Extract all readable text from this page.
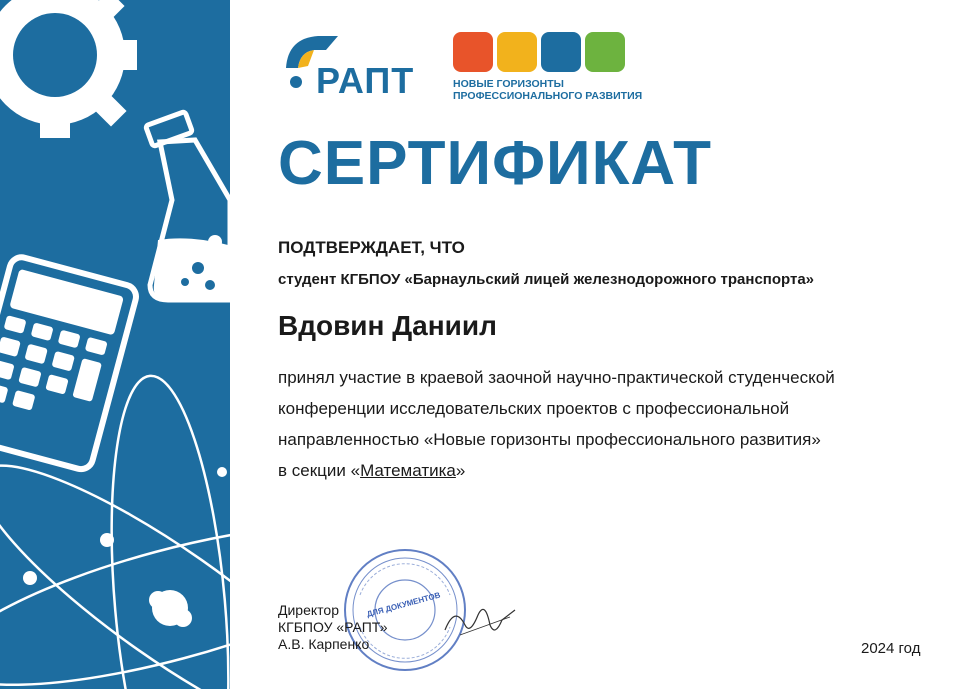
РАПТ	НОВЫЕ ГОРИЗОНТЫ
ПРОФЕССИОНАЛЬНОГО РАЗВИТИЯ
СЕРТИФИКАТ
ПОДТВЕРЖДАЕТ, ЧТО
студент КГБПОУ «Барнаульский лицей железнодорожного транспорта»
Вдовин Даниил
принял участие в краевой заочной научно-практической студенческой
конференции исследовательских проектов с профессиональной
направленностью «Новые горизонты профессионального развития»
в секции «Математика»
ДЛЯ ДОКУМЕНТОВ
Директор
КГБПОУ «РАПТ»
А.В. Карпенко	2024 год
